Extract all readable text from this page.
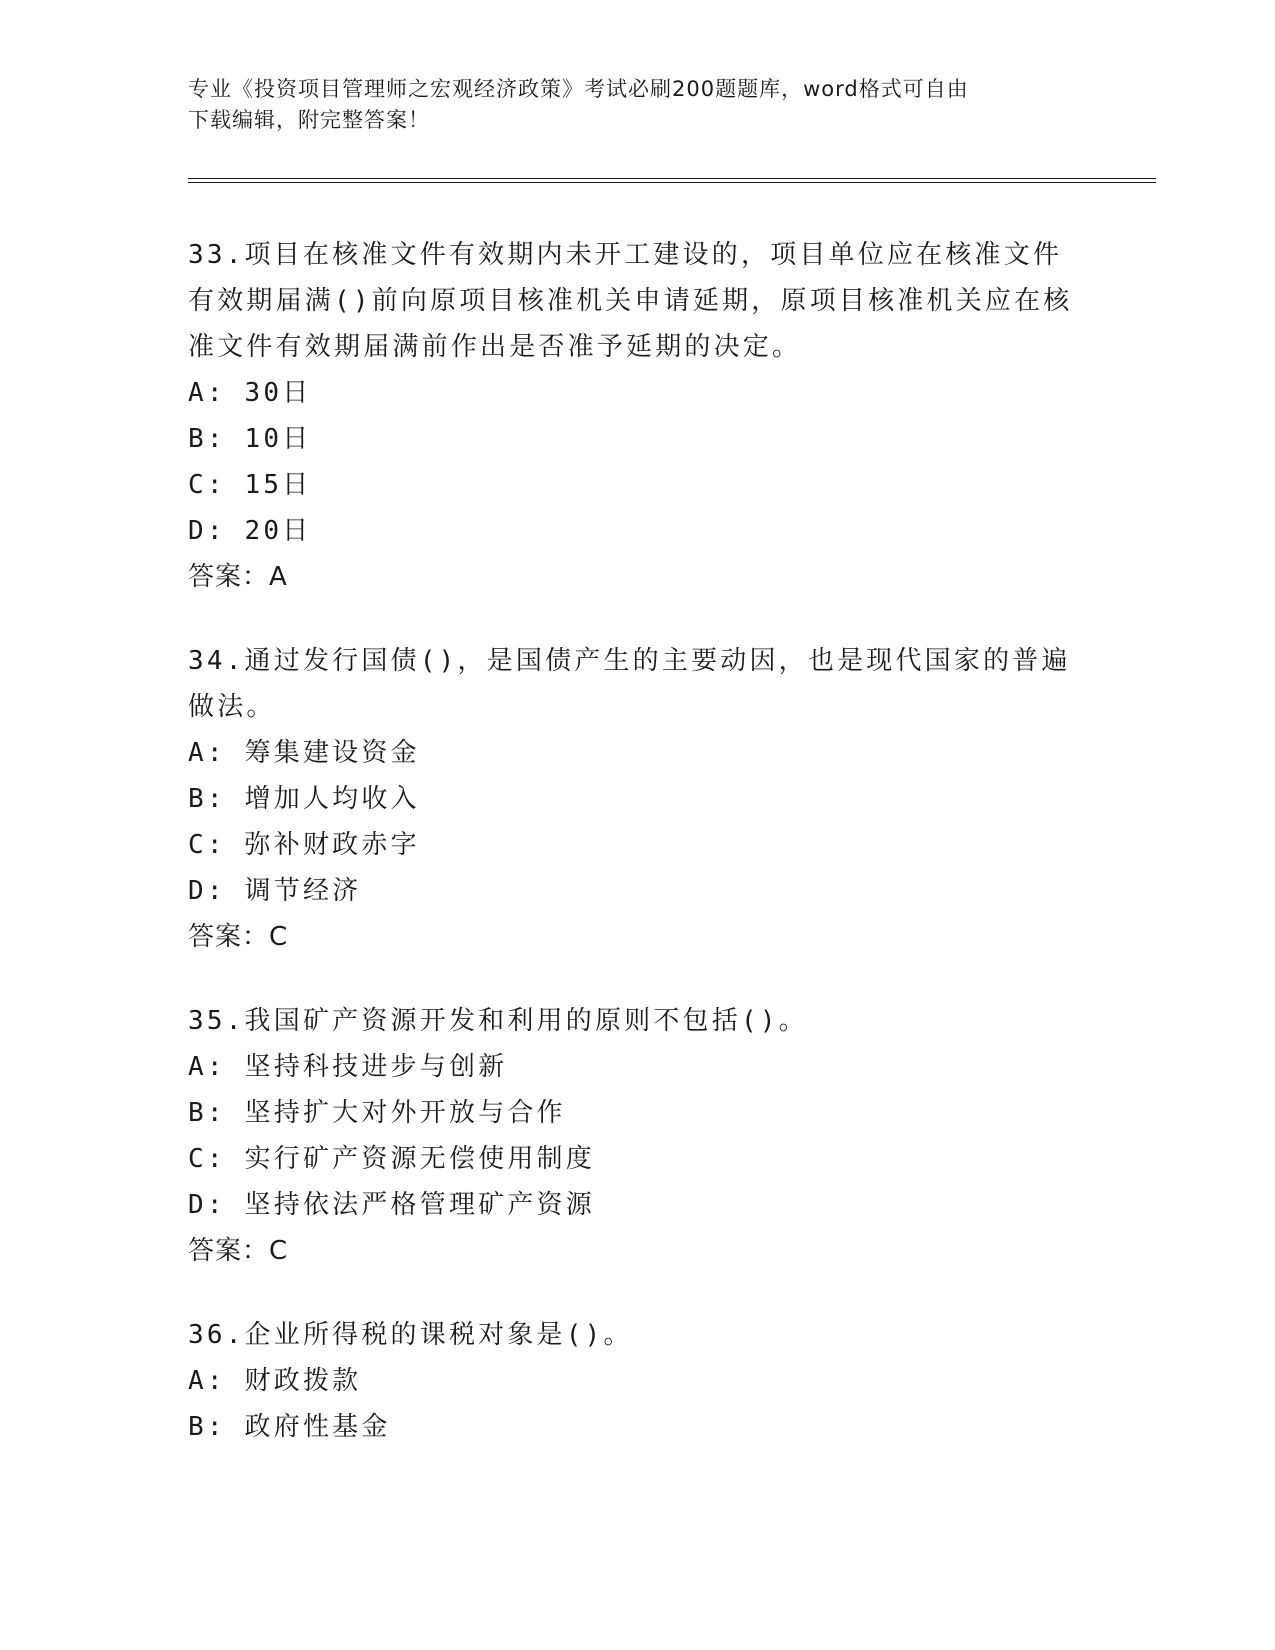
专业《投资项目管理师之宏观经济政策》考试必刷200题题库，word格式可自由
下载编辑，附完整答案！
33.项目在核准文件有效期内未开工建设的，项目单位应在核准文件有效期届满()前向原项目核准机关申请延期，原项目核准机关应在核准文件有效期届满前作出是否准予延期的决定。
A: 30日
B: 10日
C: 15日
D: 20日
答案：A
34.通过发行国债()，是国债产生的主要动因，也是现代国家的普遍做法。
A: 筹集建设资金
B: 增加人均收入
C: 弥补财政赤字
D: 调节经济
答案：C
35.我国矿产资源开发和利用的原则不包括()。
A: 坚持科技进步与创新
B: 坚持扩大对外开放与合作
C: 实行矿产资源无偿使用制度
D: 坚持依法严格管理矿产资源
答案：C
36.企业所得税的课税对象是()。
A: 财政拨款
B: 政府性基金
